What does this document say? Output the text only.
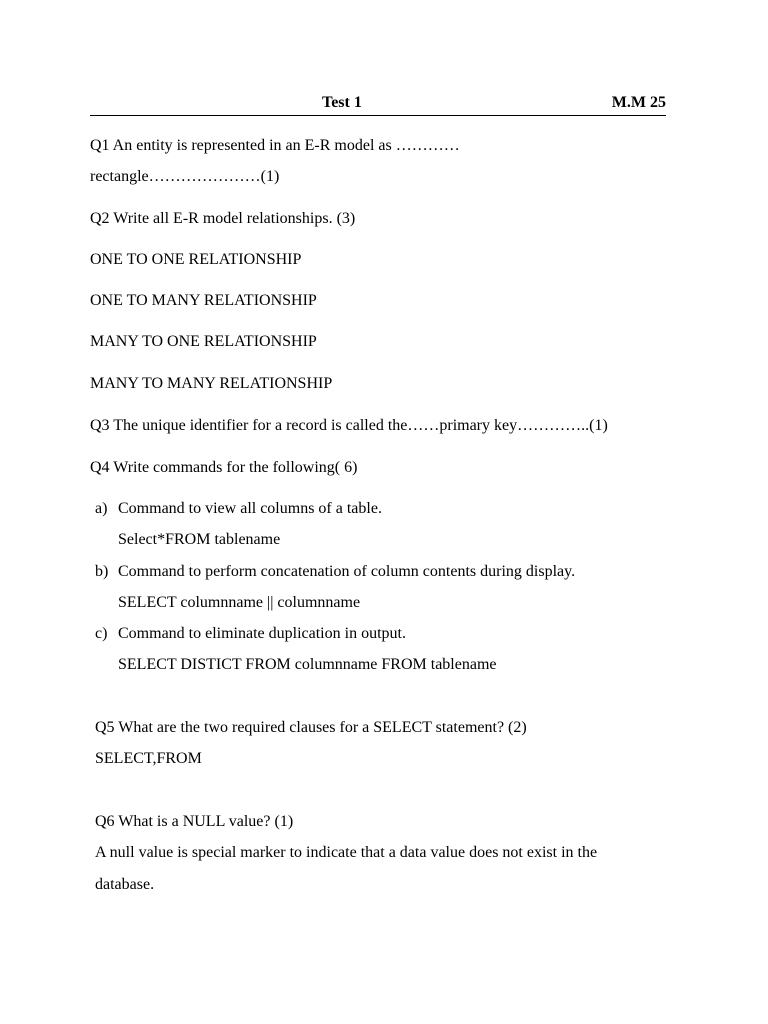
Test 1	M.M 25
Q1 An entity is represented in an E-R model as …………
rectangle…………………(1)
Q2 Write all E-R model relationships. (3)
ONE TO ONE RELATIONSHIP
ONE TO MANY RELATIONSHIP
MANY TO ONE RELATIONSHIP
MANY TO MANY RELATIONSHIP
Q3 The unique identifier for a record is called the……primary key…………..(1)
Q4 Write commands for the following( 6)
a) Command to view all columns of a table.
Select*FROM tablename
b) Command to perform concatenation of column contents during display.
SELECT columnname || columnname
c) Command to eliminate duplication in output.
SELECT DISTICT FROM columnname FROM tablename
Q5 What are the two required clauses for a SELECT statement? (2)
SELECT,FROM
Q6 What is a NULL value? (1)
A null value is special marker to indicate that a data value does not exist in the
database.
